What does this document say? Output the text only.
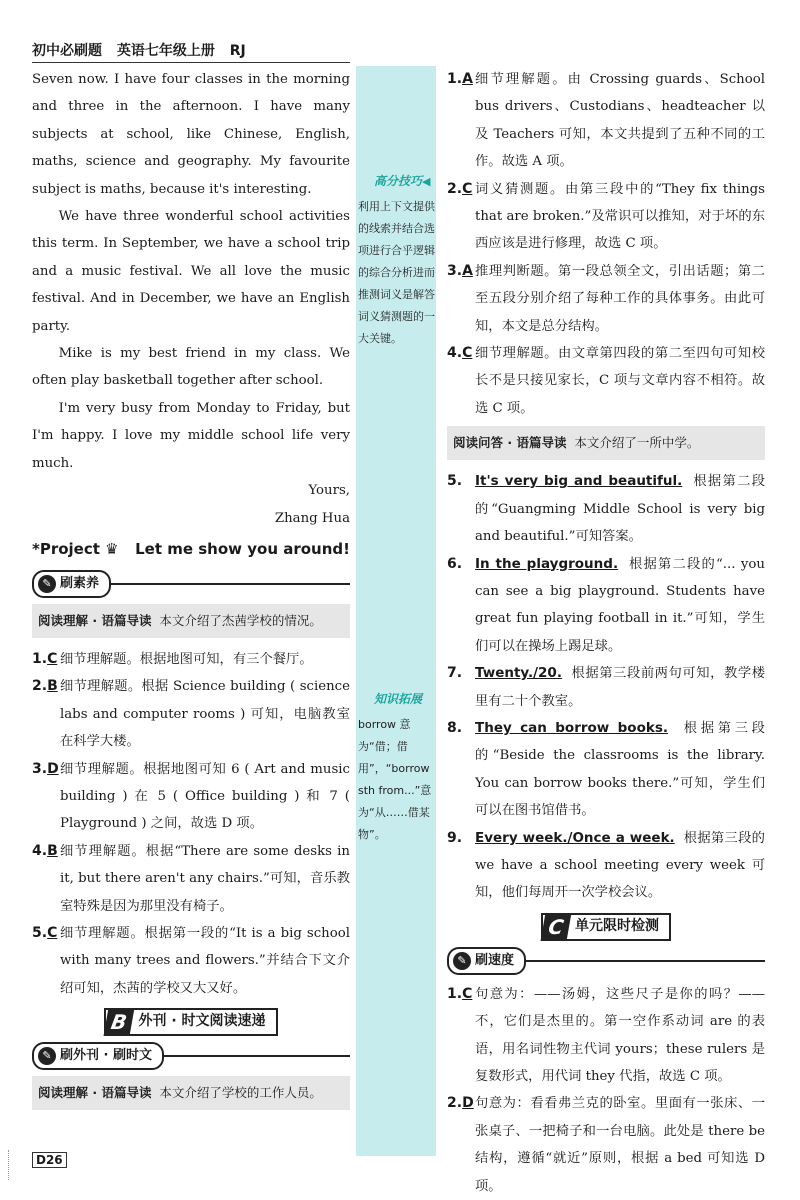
初中必刷题 英语七年级上册 RJ
高分技巧◀
利用上下文提供的线索并结合选项进行合乎逻辑的综合分析进而推测词义是解答词义猜测题的一大关键。
知识拓展
borrow 意为“借；借用”，“borrow sth from...”意为“从……借某物”。

Seven now. I have four classes in the morning and three in the afternoon. I have many subjects at school, like Chinese, English, maths, science and geography. My favourite subject is maths, because it's interesting.

We have three wonderful school activities this term. In September, we have a school trip and a music festival. We all love the music festival. And in December, we have an English party.

Mike is my best friend in my class. We often play basketball together after school.

I'm very busy from Monday to Friday, but I'm happy. I love my middle school life very much.

Yours,

Zhang Hua

*Project ♛ Let me show you around!
✎ 刷素养
阅读理解 · 语篇导读 本文介绍了杰茜学校的情况。
1.C 细节理解题。根据地图可知，有三个餐厅。
2.B 细节理解题。根据 Science building ( science labs and computer rooms ) 可知，电脑教室在科学大楼。
3.D 细节理解题。根据地图可知 6 ( Art and music building ) 在 5 ( Office building ) 和 7 ( Playground ) 之间，故选 D 项。
4.B 细节理解题。根据“There are some desks in it, but there aren't any chairs.”可知，音乐教室特殊是因为那里没有椅子。
5.C 细节理解题。根据第一段的“It is a big school with many trees and flowers.”并结合下文介绍可知，杰茜的学校又大又好。
B 外刊 · 时文阅读速递
✎ 刷外刊 · 刷时文
阅读理解 · 语篇导读 本文介绍了学校的工作人员。
1.A 细节理解题。由 Crossing guards、School bus drivers、Custodians、headteacher 以及 Teachers 可知，本文共提到了五种不同的工作。故选 A 项。
2.C 词义猜测题。由第三段中的“They fix things that are broken.”及常识可以推知，对于坏的东西应该是进行修理，故选 C 项。
3.A 推理判断题。第一段总领全文，引出话题；第二至五段分别介绍了每种工作的具体事务。由此可知，本文是总分结构。
4.C 细节理解题。由文章第四段的第二至四句可知校长不是只接见家长，C 项与文章内容不相符。故选 C 项。
阅读问答 · 语篇导读 本文介绍了一所中学。
5. It's very big and beautiful. 根据第二段的“Guangming Middle School is very big and beautiful.”可知答案。
6. In the playground. 根据第二段的“... you can see a big playground. Students have great fun playing football in it.”可知，学生们可以在操场上踢足球。
7. Twenty./20. 根据第三段前两句可知，教学楼里有二十个教室。
8. They can borrow books. 根据第三段的“Beside the classrooms is the library. You can borrow books there.”可知，学生们可以在图书馆借书。
9. Every week./Once a week. 根据第三段的 we have a school meeting every week 可知，他们每周开一次学校会议。
C 单元限时检测
✎ 刷速度
1.C 句意为：——汤姆，这些尺子是你的吗？——不，它们是杰里的。第一空作系动词 are 的表语，用名词性物主代词 yours；these rulers 是复数形式，用代词 they 代指，故选 C 项。
2.D 句意为：看看弗兰克的卧室。里面有一张床、一张桌子、一把椅子和一台电脑。此处是 there be 结构，遵循“就近”原则，根据 a bed 可知选 D 项。
D26
